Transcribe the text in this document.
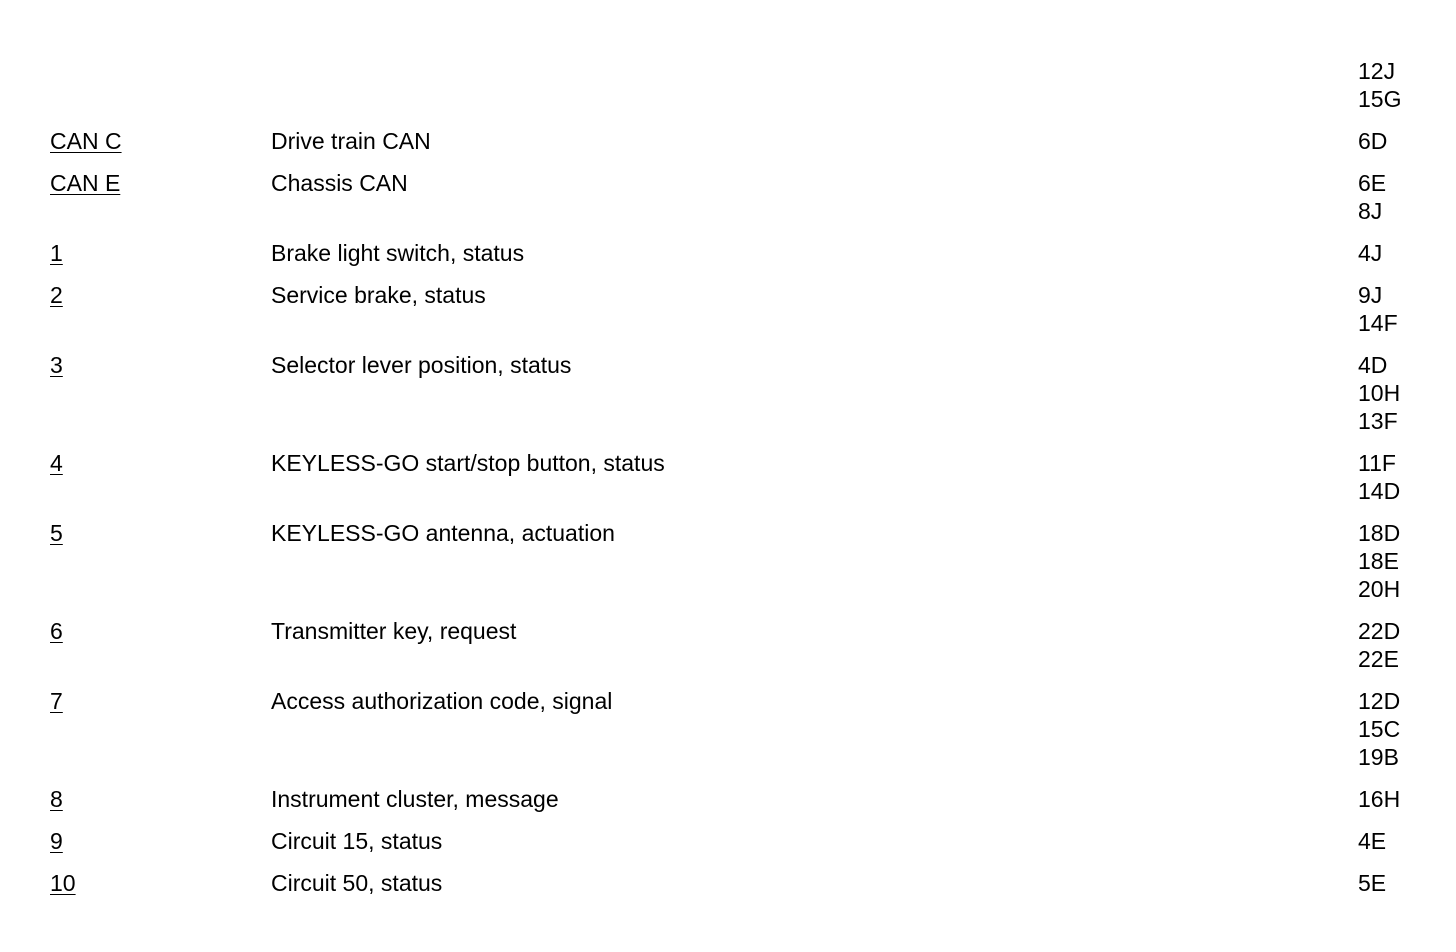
12J
15G
CAN C	Drive train CAN	6D
CAN E	Chassis CAN	6E
8J
1	Brake light switch, status	4J
2	Service brake, status	9J
14F
3	Selector lever position, status	4D
10H
13F
4	KEYLESS-GO start/stop button, status	11F
14D
5	KEYLESS-GO antenna, actuation	18D
18E
20H
6	Transmitter key, request	22D
22E
7	Access authorization code, signal	12D
15C
19B
8	Instrument cluster, message	16H
9	Circuit 15, status	4E
10	Circuit 50, status	5E
